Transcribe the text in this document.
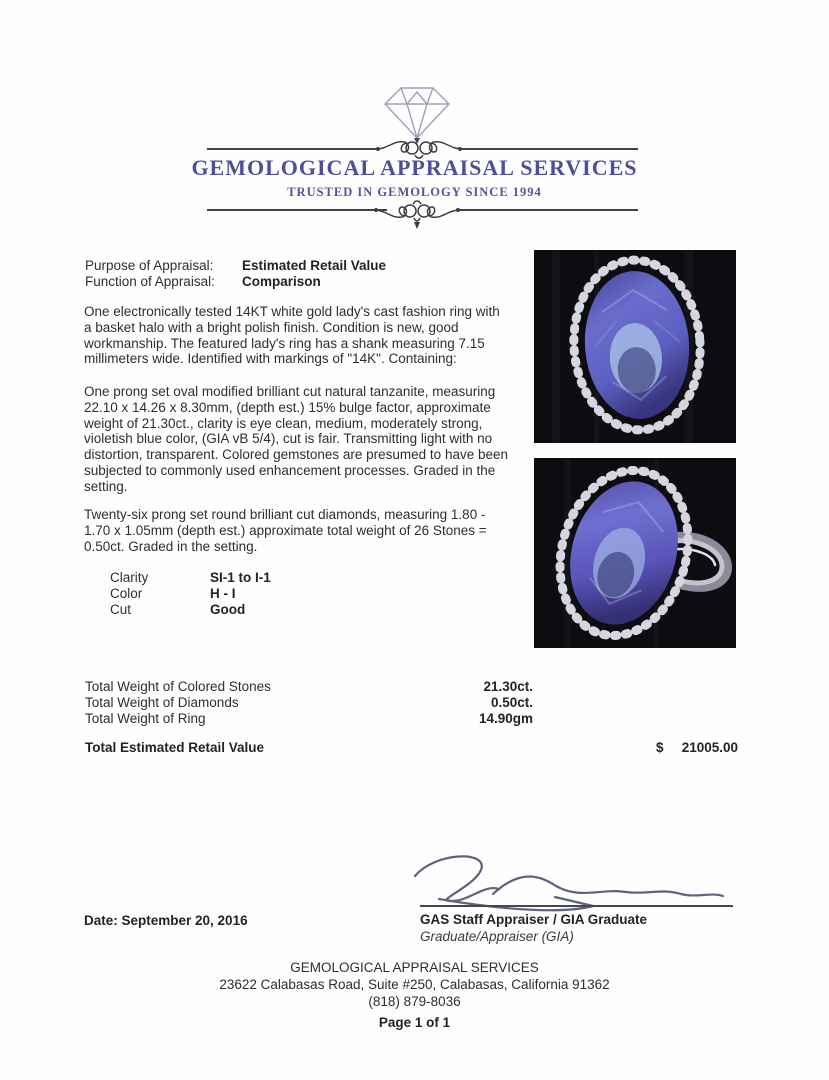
GEMOLOGICAL APPRAISAL SERVICES
TRUSTED IN GEMOLOGY SINCE 1994
Purpose of Appraisal:	Estimated Retail Value
Function of Appraisal:	Comparison
One electronically tested 14KT white gold lady's cast fashion ring with a basket halo with a bright polish finish. Condition is new, good workmanship. The featured lady's ring has a shank measuring 7.15 millimeters wide. Identified with markings of "14K". Containing:
One prong set oval modified brilliant cut natural tanzanite, measuring 22.10 x 14.26 x 8.30mm, (depth est.) 15% bulge factor, approximate weight of 21.30ct., clarity is eye clean, medium, moderately strong, violetish blue color, (GIA vB 5/4), cut is fair. Transmitting light with no distortion, transparent. Colored gemstones are presumed to have been subjected to commonly used enhancement processes. Graded in the setting.
Twenty-six prong set round brilliant cut diamonds, measuring 1.80 - 1.70 x 1.05mm (depth est.) approximate total weight of 26 Stones = 0.50ct. Graded in the setting.
Clarity	SI-1 to I-1
Color	H - I
Cut	Good
Total Weight of Colored Stones	21.30ct.
Total Weight of Diamonds	0.50ct.
Total Weight of Ring	14.90gm
Total Estimated Retail Value	$ 21005.00
Date: September 20, 2016	GAS Staff Appraiser / GIA Graduate
Graduate/Appraiser (GIA)
GEMOLOGICAL APPRAISAL SERVICES
23622 Calabasas Road, Suite #250, Calabasas, California 91362
(818) 879-8036
Page 1 of 1
